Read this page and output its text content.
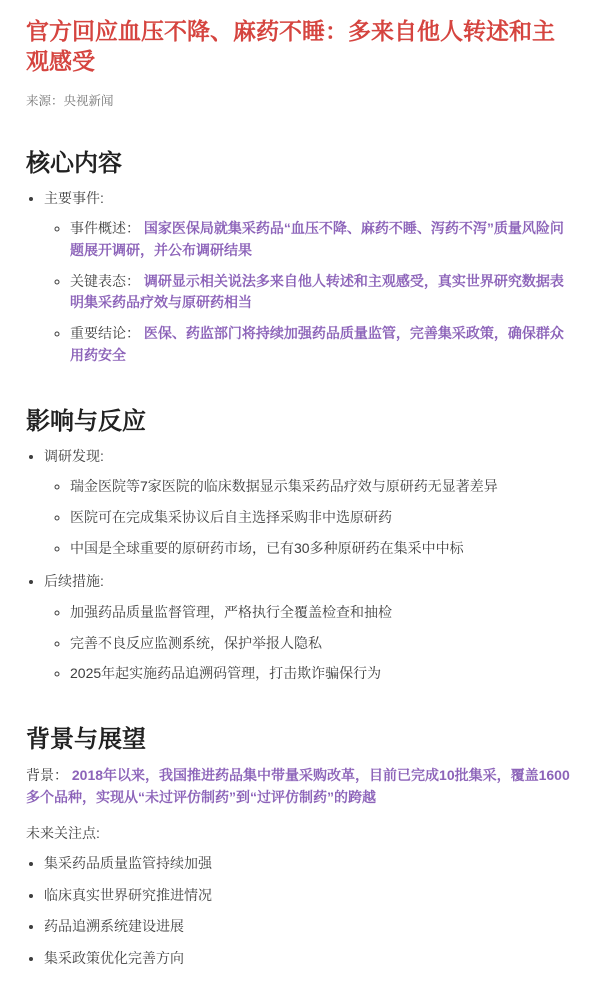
官方回应血压不降、麻药不睡：多来自他人转述和主观感受

来源：央视新闻

核心内容
• 主要事件:
◦ 事件概述： 国家医保局就集采药品“血压不降、麻药不睡、泻药不泻”质量风险问题展开调研，并公布调研结果
◦ 关键表态： 调研显示相关说法多来自他人转述和主观感受，真实世界研究数据表明集采药品疗效与原研药相当
◦ 重要结论： 医保、药监部门将持续加强药品质量监管，完善集采政策，确保群众用药安全
影响与反应
• 调研发现:
◦ 瑞金医院等7家医院的临床数据显示集采药品疗效与原研药无显著差异
◦ 医院可在完成集采协议后自主选择采购非中选原研药
◦ 中国是全球重要的原研药市场，已有30多种原研药在集采中中标
• 后续措施:
◦ 加强药品质量监督管理，严格执行全覆盖检查和抽检
◦ 完善不良反应监测系统，保护举报人隐私
◦ 2025年起实施药品追溯码管理，打击欺诈骗保行为
背景与展望

背景： 2018年以来，我国推进药品集中带量采购改革，目前已完成10批集采，覆盖1600多个品种，实现从“未过评仿制药”到“过评仿制药”的跨越

未来关注点:

• 集采药品质量监管持续加强
• 临床真实世界研究推进情况
• 药品追溯系统建设进展
• 集采政策优化完善方向
